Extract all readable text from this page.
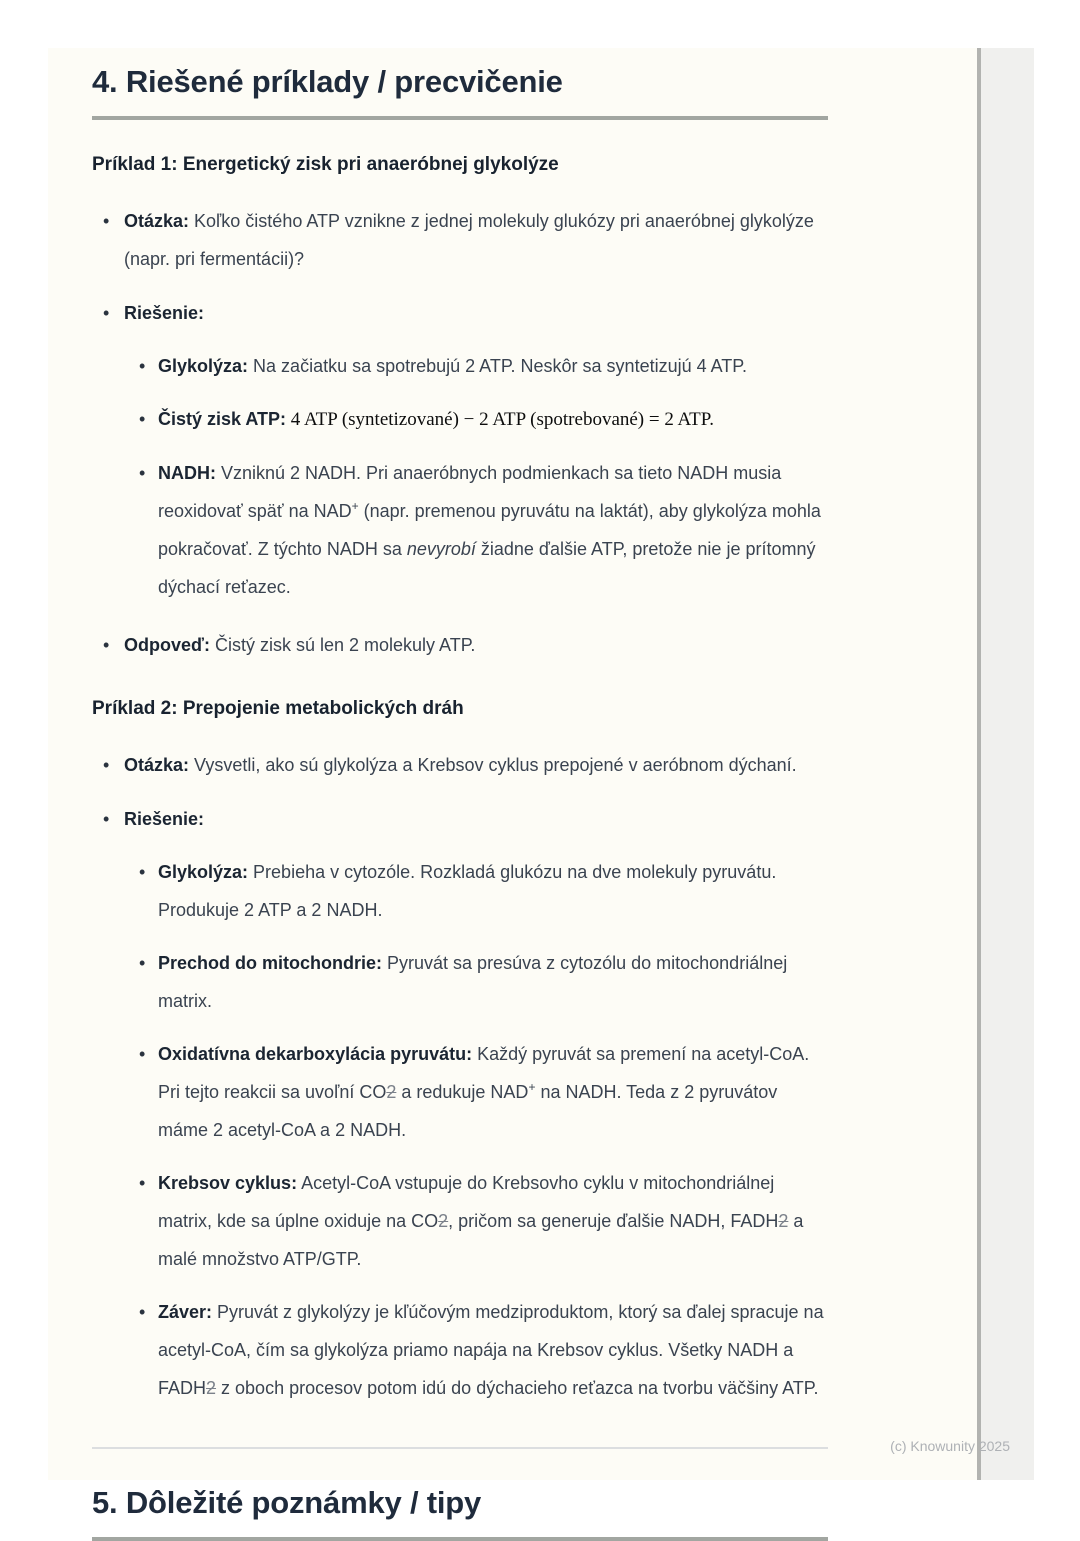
4. Riešené príklady / precvičenie
Príklad 1: Energetický zisk pri anaeróbnej glykolýze
• Otázka: Koľko čistého ATP vznikne z jednej molekuly glukózy pri anaeróbnej glykolýze (napr. pri fermentácii)?
• Riešenie:
• Glykolýza: Na začiatku sa spotrebujú 2 ATP. Neskôr sa syntetizujú 4 ATP.
• Čistý zisk ATP: 4 ATP (syntetizované) − 2 ATP (spotrebované) = 2 ATP.
• NADH: Vzniknú 2 NADH. Pri anaeróbnych podmienkach sa tieto NADH musia reoxidovať späť na NAD+ (napr. premenou pyruvátu na laktát), aby glykolýza mohla pokračovať. Z týchto NADH sa nevyrobí žiadne ďalšie ATP, pretože nie je prítomný dýchací reťazec.
• Odpoveď: Čistý zisk sú len 2 molekuly ATP.
Príklad 2: Prepojenie metabolických dráh
• Otázka: Vysvetli, ako sú glykolýza a Krebsov cyklus prepojené v aeróbnom dýchaní.
• Riešenie:
• Glykolýza: Prebieha v cytozóle. Rozkladá glukózu na dve molekuly pyruvátu. Produkuje 2 ATP a 2 NADH.
• Prechod do mitochondrie: Pyruvát sa presúva z cytozólu do mitochondriálnej matrix.
• Oxidatívna dekarboxylácia pyruvátu: Každý pyruvát sa premení na acetyl-CoA. Pri tejto reakcii sa uvoľní CO2 a redukuje NAD+ na NADH. Teda z 2 pyruvátov máme 2 acetyl-CoA a 2 NADH.
• Krebsov cyklus: Acetyl-CoA vstupuje do Krebsovho cyklu v mitochondriálnej matrix, kde sa úplne oxiduje na CO2, pričom sa generuje ďalšie NADH, FADH2 a malé množstvo ATP/GTP.
• Záver: Pyruvát z glykolýzy je kľúčovým medziproduktom, ktorý sa ďalej spracuje na acetyl-CoA, čím sa glykolýza priamo napája na Krebsov cyklus. Všetky NADH a FADH2 z oboch procesov potom idú do dýchacieho reťazca na tvorbu väčšiny ATP.
5. Dôležité poznámky / tipy
(c) Knowunity 2025
